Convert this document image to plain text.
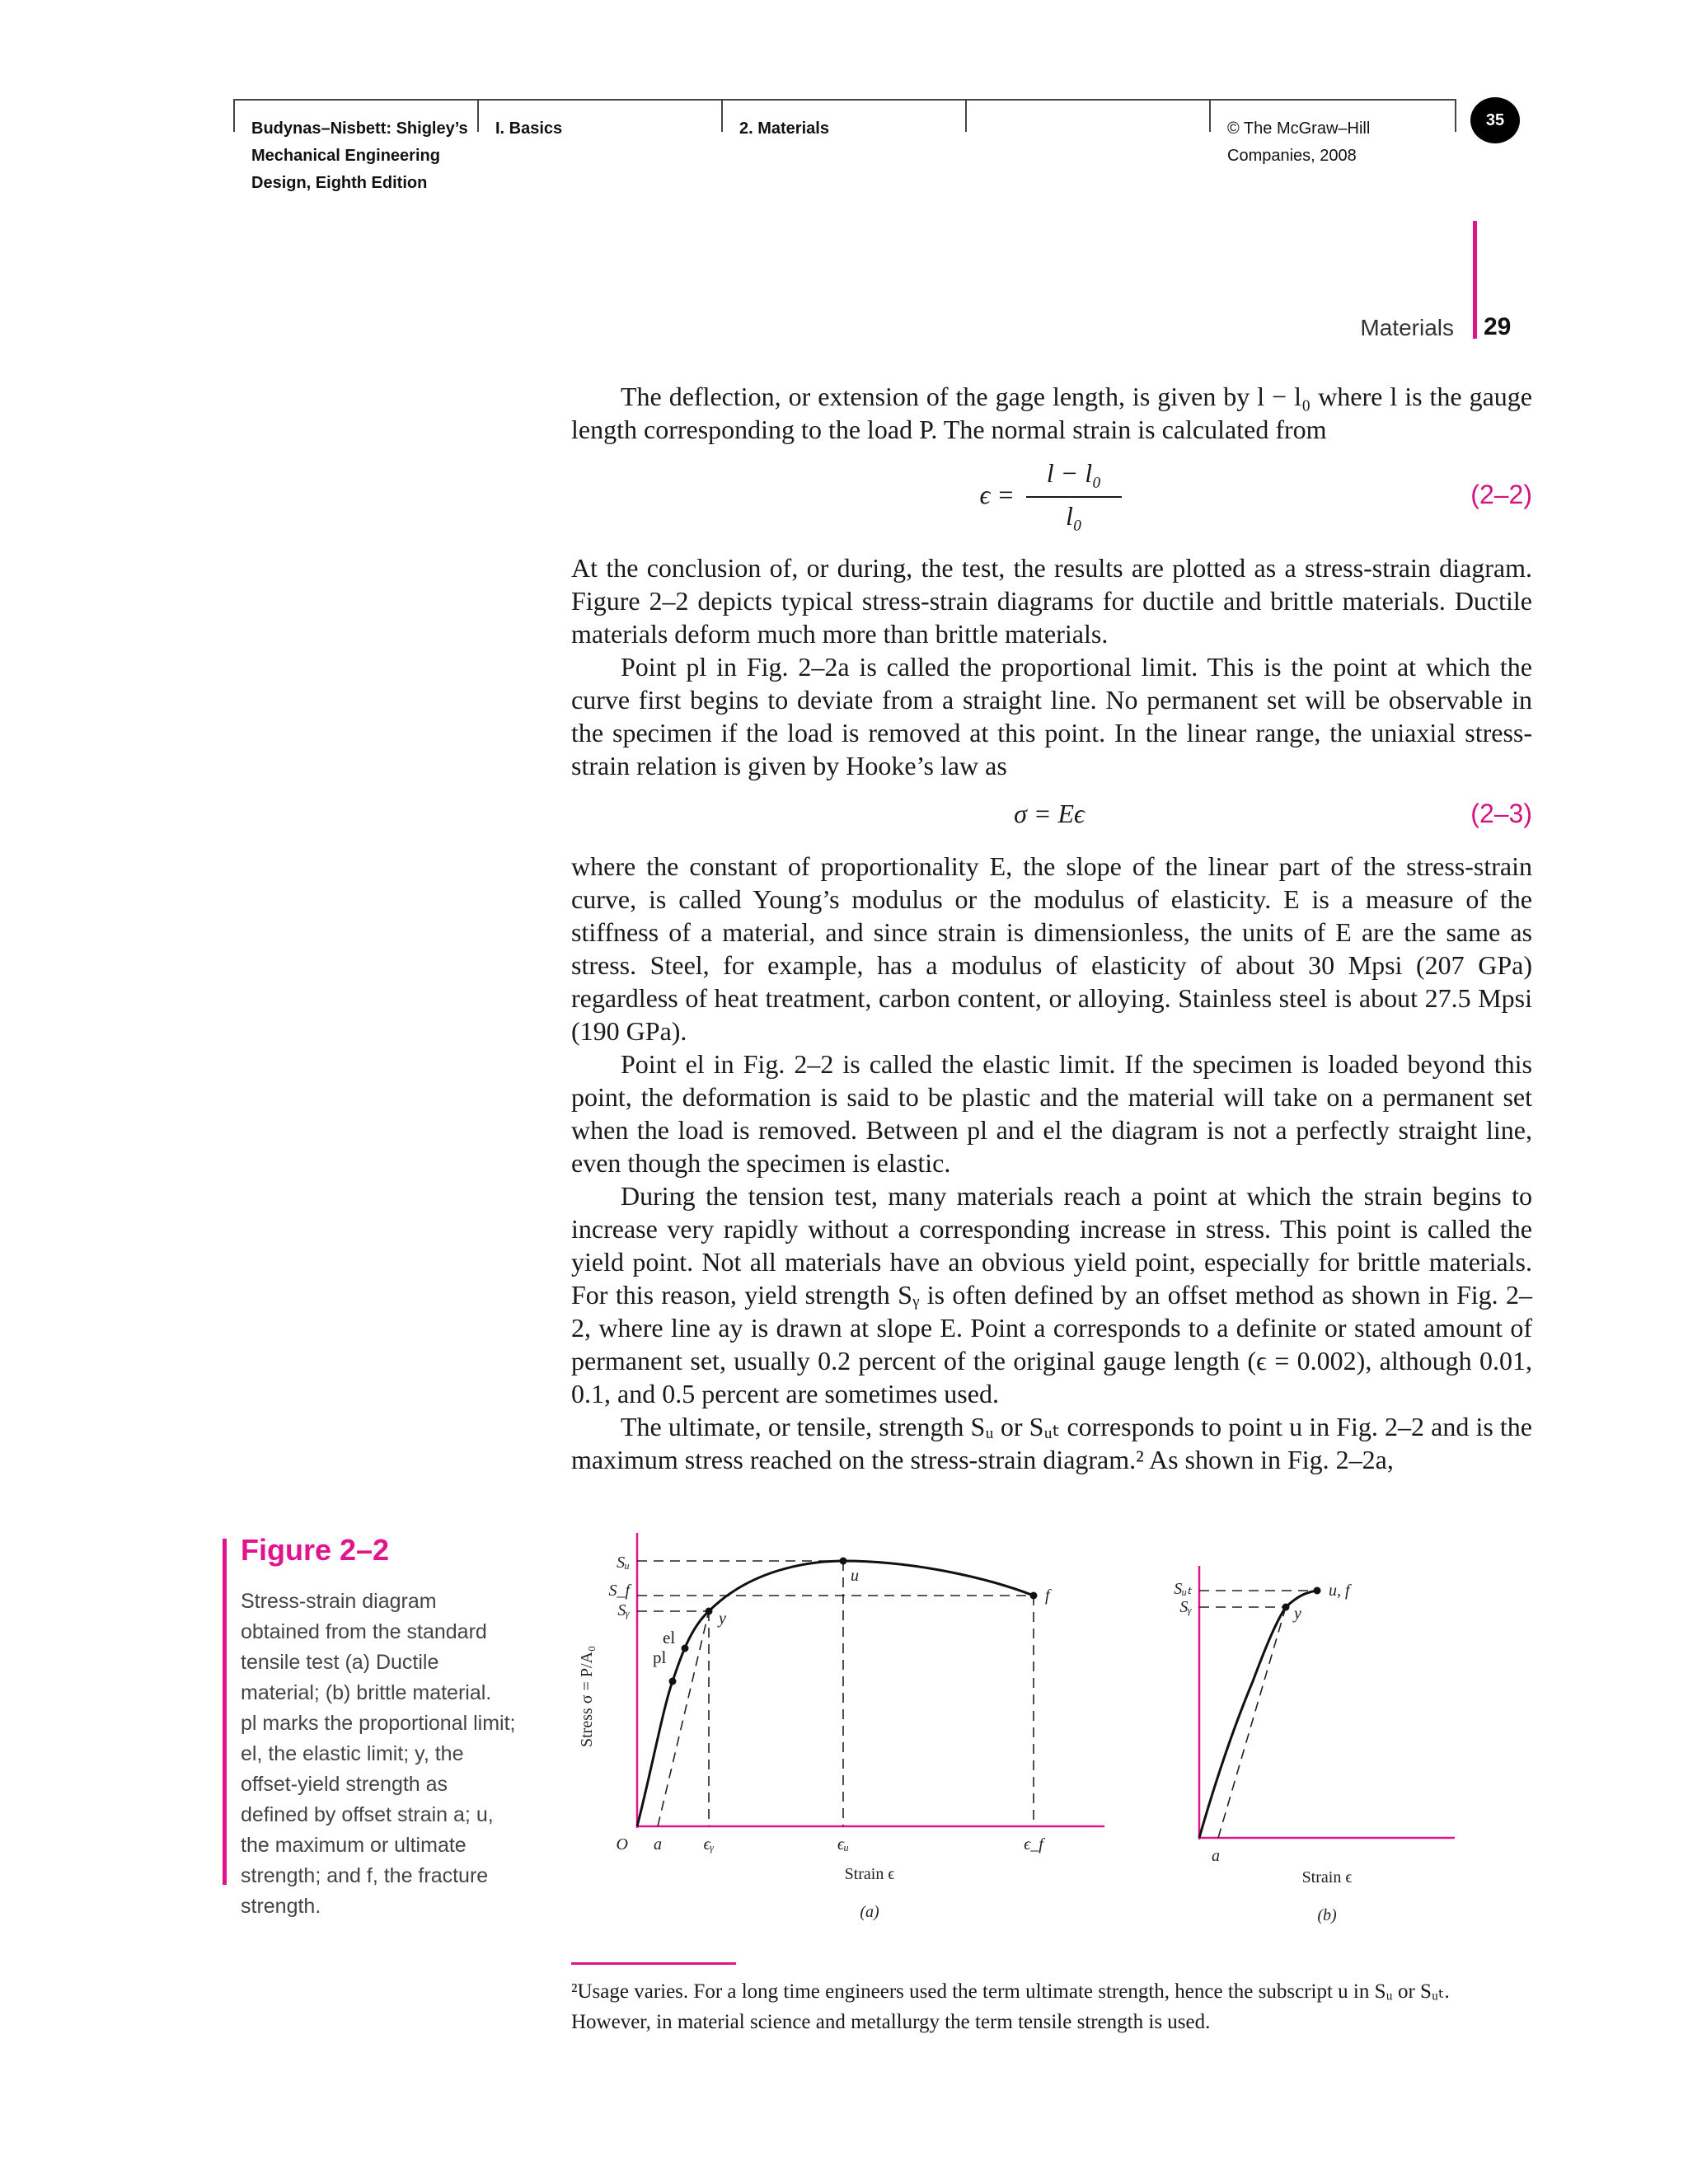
Budynas–Nisbett: Shigley’s
Mechanical Engineering
Design, Eighth Edition
I. Basics	2. Materials	© The McGraw–Hill
Companies, 2008
35
Materials 29

The deflection, or extension of the gage length, is given by l − l₀ where l is the gauge length corresponding to the load P. The normal strain is calculated from

ϵ =
l − l₀
l₀
(2–2)

At the conclusion of, or during, the test, the results are plotted as a stress-strain diagram. Figure 2–2 depicts typical stress-strain diagrams for ductile and brittle materials. Ductile materials deform much more than brittle materials.

Point pl in Fig. 2–2a is called the proportional limit. This is the point at which the curve first begins to deviate from a straight line. No permanent set will be observable in the specimen if the load is removed at this point. In the linear range, the uniaxial stress-strain relation is given by Hooke’s law as

σ = Eϵ	(2–3)

where the constant of proportionality E, the slope of the linear part of the stress-strain curve, is called Young’s modulus or the modulus of elasticity. E is a measure of the stiffness of a material, and since strain is dimensionless, the units of E are the same as stress. Steel, for example, has a modulus of elasticity of about 30 Mpsi (207 GPa) regardless of heat treatment, carbon content, or alloying. Stainless steel is about 27.5 Mpsi (190 GPa).

Point el in Fig. 2–2 is called the elastic limit. If the specimen is loaded beyond this point, the deformation is said to be plastic and the material will take on a permanent set when the load is removed. Between pl and el the diagram is not a perfectly straight line, even though the specimen is elastic.

During the tension test, many materials reach a point at which the strain begins to increase very rapidly without a corresponding increase in stress. This point is called the yield point. Not all materials have an obvious yield point, especially for brittle materials. For this reason, yield strength Sᵧ is often defined by an offset method as shown in Fig. 2–2, where line ay is drawn at slope E. Point a corresponds to a definite or stated amount of permanent set, usually 0.2 percent of the original gauge length (ϵ = 0.002), although 0.01, 0.1, and 0.5 percent are sometimes used.

The ultimate, or tensile, strength Sᵤ or Sᵤₜ corresponds to point u in Fig. 2–2 and is the maximum stress reached on the stress-strain diagram.² As shown in Fig. 2–2a,

Figure 2–2

Stress-strain diagram obtained from the standard tensile test (a) Ductile material; (b) brittle material.

pl marks the proportional limit; el, the elastic limit; y, the offset-yield strength as defined by offset strain a; u, the maximum or ultimate strength; and f, the fracture strength.

el
pl
y
u
f
Sᵤ
S_f
Sᵧ
O a	ϵᵧ	ϵᵤ	ϵ_f
Stress σ = P/A₀
Strain ϵ
(a)
u, f
y
Sᵤₜ
Sᵧ
a
Strain ϵ
(b)

²Usage varies. For a long time engineers used the term ultimate strength, hence the subscript u in Sᵤ or Sᵤₜ.

However, in material science and metallurgy the term tensile strength is used.
